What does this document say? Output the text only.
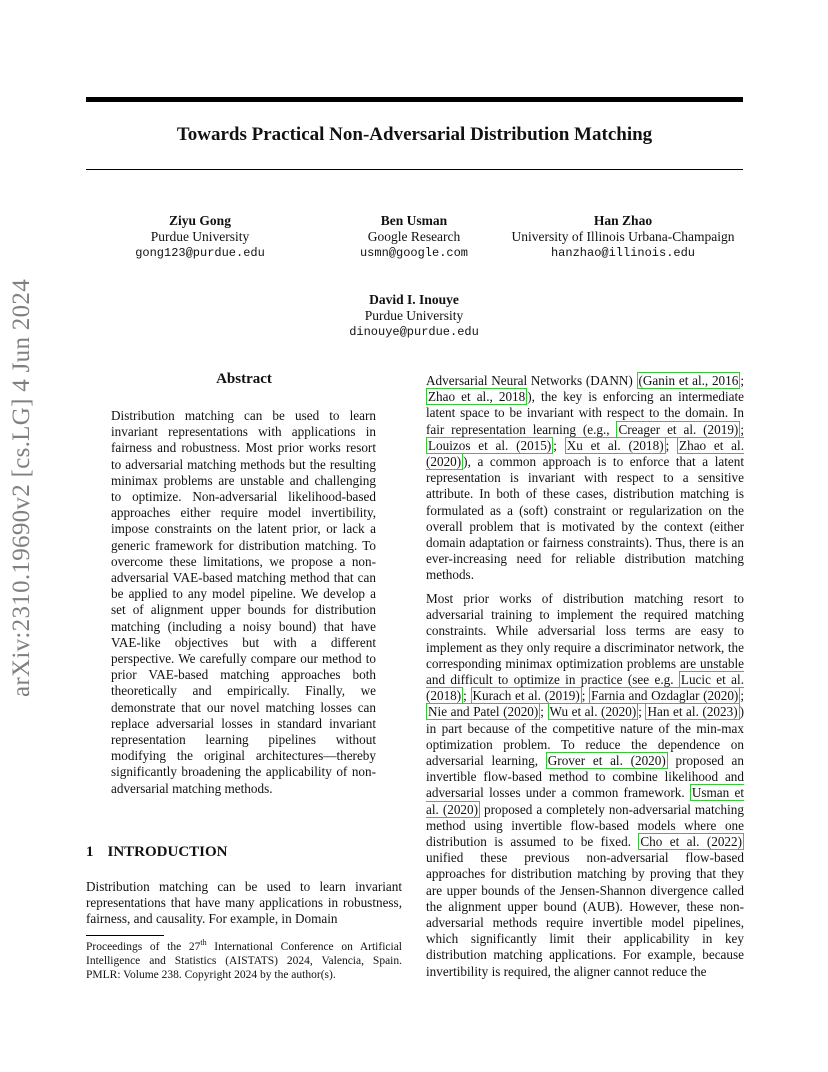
arXiv:2310.19690v2 [cs.LG] 4 Jun 2024
Towards Practical Non-Adversarial Distribution Matching
Ziyu Gong
Purdue University
gong123@purdue.edu
Ben Usman
Google Research
usmn@google.com
Han Zhao
University of Illinois Urbana-Champaign
hanzhao@illinois.edu
David I. Inouye
Purdue University
dinouye@purdue.edu
Abstract
Distribution matching can be used to learn invariant representations with applications in fairness and robustness. Most prior works resort to adversarial matching methods but the resulting minimax problems are unstable and challenging to optimize. Non-adversarial likelihood-based approaches either require model invertibility, impose constraints on the latent prior, or lack a generic framework for distribution matching. To overcome these limitations, we propose a non-adversarial VAE-based matching method that can be applied to any model pipeline. We develop a set of alignment upper bounds for distribution matching (including a noisy bound) that have VAE-like objectives but with a different perspective. We carefully compare our method to prior VAE-based matching approaches both theoretically and empirically. Finally, we demonstrate that our novel matching losses can replace adversarial losses in standard invariant representation learning pipelines without modifying the original architectures—thereby significantly broadening the applicability of non-adversarial matching methods.
1 INTRODUCTION
Distribution matching can be used to learn invariant representations that have many applications in robustness, fairness, and causality. For example, in Domain
Proceedings of the 27th International Conference on Artificial Intelligence and Statistics (AISTATS) 2024, Valencia, Spain. PMLR: Volume 238. Copyright 2024 by the author(s).
Adversarial Neural Networks (DANN) (Ganin et al., 2016 ; Zhao et al., 2018 ), the key is enforcing an intermediate latent space to be invariant with respect to the domain. In fair representation learning (e.g., Creager et al. (2019) ; Louizos et al. (2015) ; Xu et al. (2018) ; Zhao et al. (2020) ), a common approach is to enforce that a latent representation is invariant with respect to a sensitive attribute. In both of these cases, distribution matching is formulated as a (soft) constraint or regularization on the overall problem that is motivated by the context (either domain adaptation or fairness constraints). Thus, there is an ever-increasing need for reliable distribution matching methods.
Most prior works of distribution matching resort to adversarial training to implement the required matching constraints. While adversarial loss terms are easy to implement as they only require a discriminator network, the corresponding minimax optimization problems are unstable and difficult to optimize in practice (see e.g. Lucic et al. (2018) ; Kurach et al. (2019) ; Farnia and Ozdaglar (2020) ; Nie and Patel (2020) ; Wu et al. (2020) ; Han et al. (2023) ) in part because of the competitive nature of the min-max optimization problem. To reduce the dependence on adversarial learning, Grover et al. (2020) proposed an invertible flow-based method to combine likelihood and adversarial losses under a common framework. Usman et al. (2020) proposed a completely non-adversarial matching method using invertible flow-based models where one distribution is assumed to be fixed. Cho et al. (2022) unified these previous non-adversarial flow-based approaches for distribution matching by proving that they are upper bounds of the Jensen-Shannon divergence called the alignment upper bound (AUB). However, these non-adversarial methods require invertible model pipelines, which significantly limit their applicability in key distribution matching applications. For example, because invertibility is required, the aligner cannot reduce the
